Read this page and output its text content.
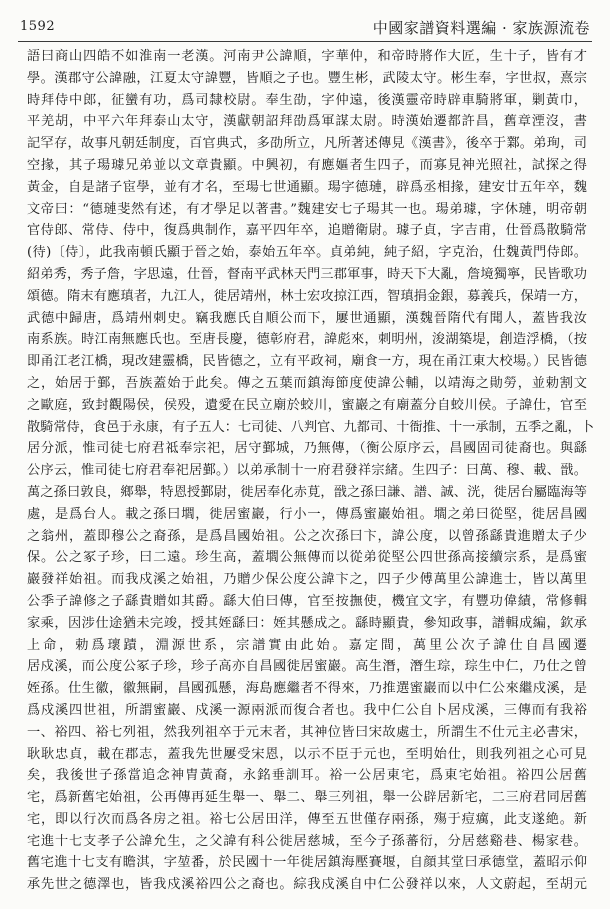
1592	中國家譜資料選編 · 家族源流卷
語曰商山四皓不如淮南一老漢。河南尹公諱順，字華仲，和帝時將作大匠，生十子，皆有才
學。漢郡守公諱融，江夏太守諱豐，皆順之子也。豐生彬，武陵太守。彬生奉，字世叔，熹宗
時拜侍中郎，征蠻有功，爲司隸校尉。奉生劭，字仲遠，後漢靈帝時辟車騎將軍，剿黃巾，
平羌胡，中平六年拜泰山太守，漢獻朝詔拜劭爲軍謀太尉。時漢始遷都許昌，舊章湮沒，書
記罕存，故事凡朝廷制度，百官典式，多劭所立，凡所著述傳見《漢書》，後卒于鄴。弟珣，司
空掾，其子瑒璩兄弟並以文章貴顯。中興初，有應嫗者生四子，而寡見神光照社，試探之得
黃金，自是諸子宦學，並有才名，至瑒七世通顯。瑒字德璉，辟爲丞相掾，建安廿五年卒，魏
文帝曰：“德璉斐然有述，有才學足以著書。”魏建安七子瑒其一也。瑒弟璩，字休璉，明帝朝
官侍郎、常侍、侍中，復爲典制作，嘉平四年卒，追贈衛尉。璩子貞，字吉甫，仕晉爲散騎常
(待)〔侍〕，此我南頓氏顯于晉之始，泰始五年卒。貞弟純，純子紹，字克治，仕魏黃門侍郎。
紹弟秀，秀子詹，字思遠，仕晉，督南平武林天門三郡軍事，時天下大亂，詹境獨寧，民皆歌功
頌德。隋末有應瑱者，九江人，徙居靖州，林士宏攻掠江西，智瑱捐金銀，募義兵，保靖一方，
武德中歸唐，爲靖州刺史。竊我應氏自順公而下，屢世通顯，漢魏晉隋代有聞人，蓋皆我汝
南系族。時江南無應氏也。至唐長慶，德彰府君，諱彪來，刺明州，浚湖築堤，創造浮橋，（按
即甬江老江橋，現改建靈橋，民皆德之，立有平政祠，廟食一方，現在甬江東大校場。）民皆德
之，始居于鄞，吾族蓋始于此矣。傳之五葉而鎮海節度使諱公輔，以靖海之勛勞，並勅割文
之歐庭，致封觀陽侯，侯殁，遺愛在民立廟於蛟川，蜜巖之有廟蓋分自蛟川侯。子諱仕，官至
散騎常侍，食邑于永康，有子五人：七司徒、八判官、九都司、十衙推、十一承制，五季之亂，卜
居分派，惟司徒七府君祗奉宗祀，居守鄞城，乃無傳，（衡公原序云，昌國固司徒裔也。與繇
公序云，惟司徒七府君奉祀居鄞。）以弟承制十一府君發祥宗緒。生四子：曰萬、穆、載、戩。
萬之孫曰敦良，鄉舉，特恩授鄞尉，徙居奉化赤莧，戩之孫曰謙、譜、誠、洸，徙居台屬臨海等
處，是爲台人。載之孫曰壛，徙居蜜巖，行小一，傳爲蜜巖始祖。壛之弟曰從堅，徙居昌國
之翁州，蓋即穆公之裔孫，是爲昌國始祖。公之次孫曰卞，諱公度，以曾孫繇貴進贈太子少
保。公之冢子珍，曰二遠。珍生高，蓋壛公無傳而以從弟從堅公四世孫高接續宗系，是爲蜜
巖發祥始祖。而我戍溪之始祖，乃贈少保公度公諱卞之，四子少傅萬里公諱進士，皆以萬里
公季子諱修之子繇貴贈如其爵。繇大伯曰傳，官至按撫使，機宜文字，有豐功偉績，常修輯
家乘，因涉仕途猶未完竣，授其姪繇曰：姪其懸成之。繇時顯貴，參知政事，譜輯成編，欽承
上命，勅爲瓌蹟，淵源世系，宗譜實由此始。嘉定間，萬里公次子諱仕自昌國遷
居戍溪，而公度公冢子珍，珍子高亦自昌國徙居蜜巖。高生潛，潛生琮，琮生中仁，乃仕之曾
姪孫。仕生徽，徽無嗣，昌國孤懸，海島應繼者不得來，乃推選蜜巖而以中仁公來繼戍溪，是
爲戍溪四世祖，所謂蜜巖、戍溪一源兩派而復合者也。我中仁公自卜居戍溪，三傳而有我裕
一、裕四、裕七列祖，然我列祖卒于元末者，其神位皆曰宋故處士，所謂生不仕元主必書宋，
耿耿忠貞，載在郡志，蓋我先世屢受宋恩，以示不臣于元也，至明始仕，則我列祖之心可見
矣，我後世子孫當追念神胄黃裔，永銘垂訓耳。裕一公居東宅，爲東宅始祖。裕四公居舊
宅，爲新舊宅始祖，公再傳再延生舉一、舉二、舉三列祖，舉一公辟居新宅，二三府君同居舊
宅，即以行次而爲各房之祖。裕七公居田洋，傳至五世僅存兩孫，殤于痘癘，此支遂絶。新
宅進十七支孝子公諱允生，之父諱有科公徙居慈城，至今子孫蕃衍，分居慈谿巷、楊家巷。
舊宅進十七支有瞻淇，字堃番，於民國十一年徙居鎮海壓賽堰，自顔其堂曰承德堂，蓋昭示仰
承先世之德澤也，皆我戍溪裕四公之裔也。綜我戍溪自中仁公發祥以來，人文蔚起，至胡元
